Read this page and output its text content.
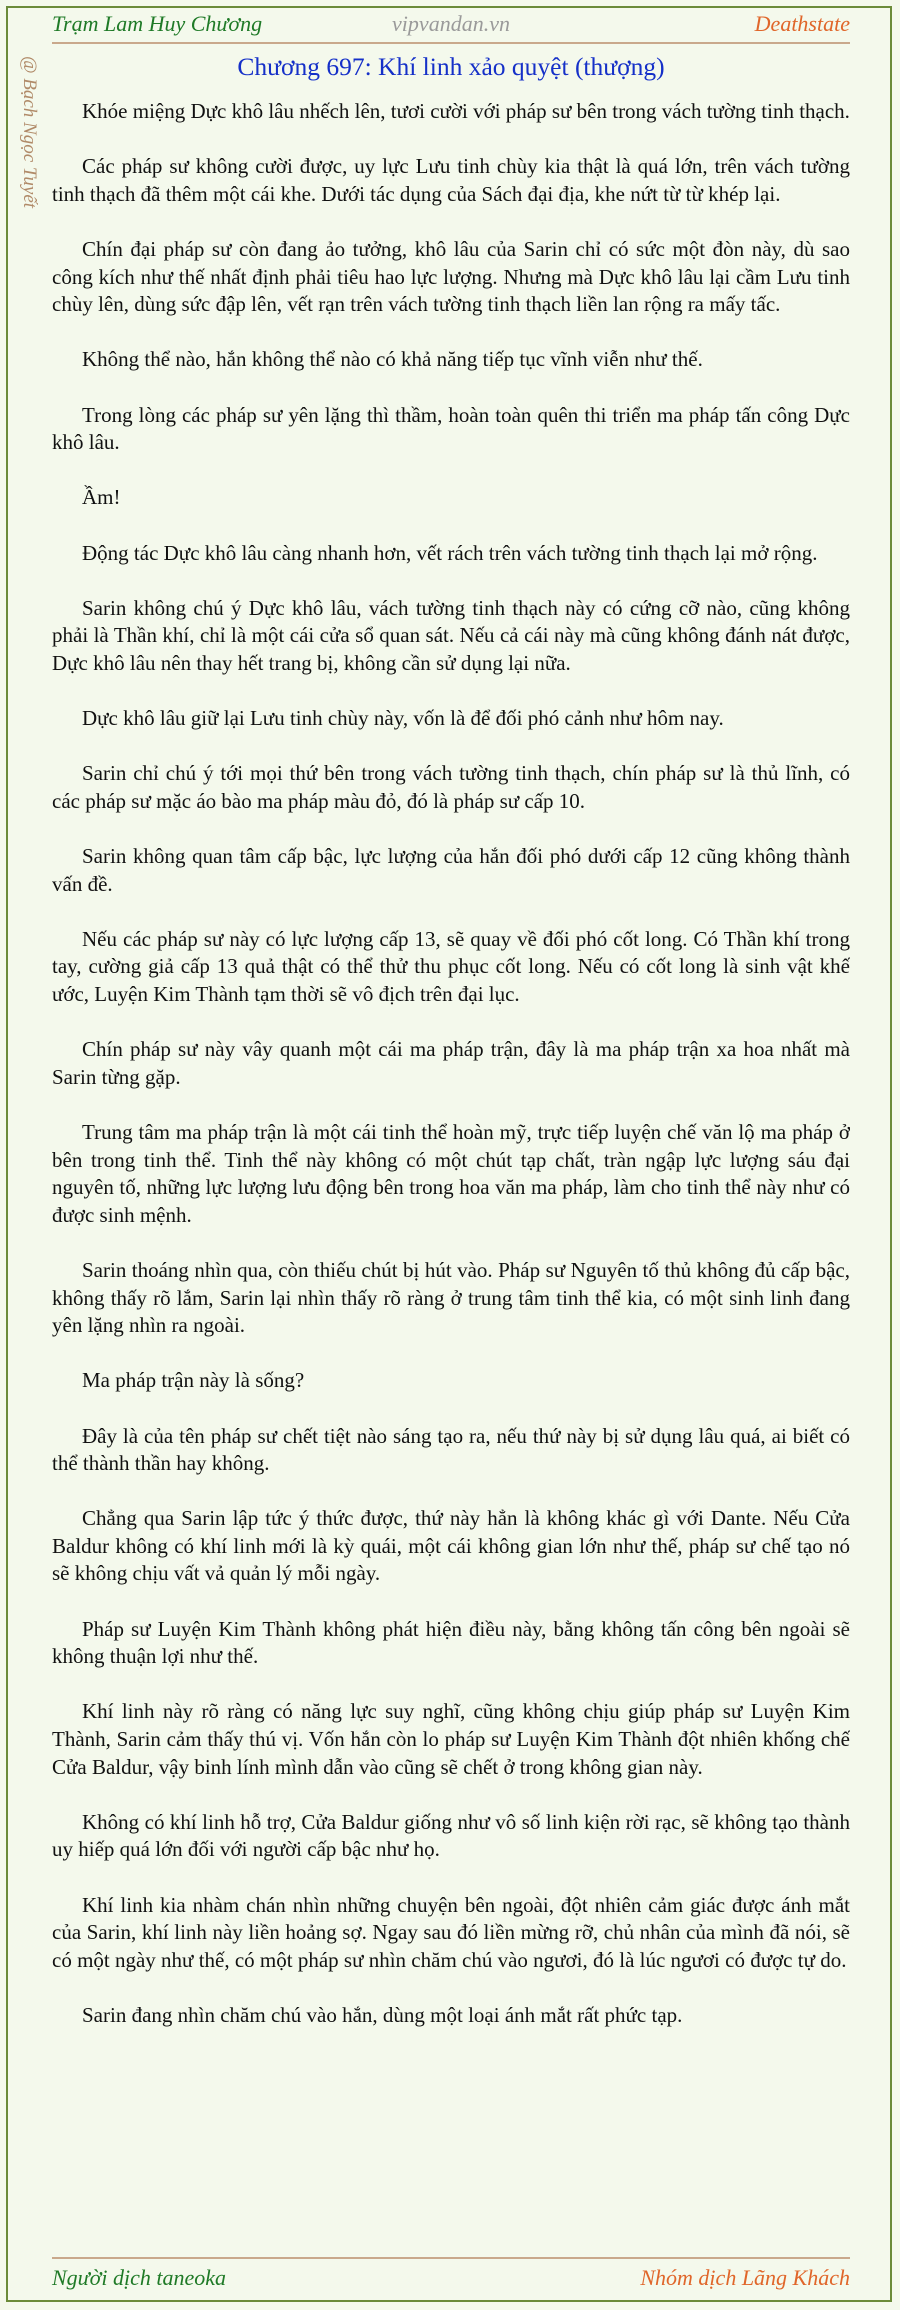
vipvandan.vn
Trạm Lam Huy Chương	Deathstate
@ Bạch Ngọc Tuyết	Chương 697: Khí linh xảo quyệt (thượng)

Khóe miệng Dực khô lâu nhếch lên, tươi cười với pháp sư bên trong vách tường tinh thạch.

Các pháp sư không cười được, uy lực Lưu tinh chùy kia thật là quá lớn, trên vách tường tinh thạch đã thêm một cái khe. Dưới tác dụng của Sách đại địa, khe nứt từ từ khép lại.

Chín đại pháp sư còn đang ảo tưởng, khô lâu của Sarin chỉ có sức một đòn này, dù sao công kích như thế nhất định phải tiêu hao lực lượng. Nhưng mà Dực khô lâu lại cầm Lưu tinh chùy lên, dùng sức đập lên, vết rạn trên vách tường tinh thạch liền lan rộng ra mấy tấc.

Không thể nào, hắn không thể nào có khả năng tiếp tục vĩnh viễn như thế.

Trong lòng các pháp sư yên lặng thì thầm, hoàn toàn quên thi triển ma pháp tấn công Dực khô lâu.

Ầm!

Động tác Dực khô lâu càng nhanh hơn, vết rách trên vách tường tinh thạch lại mở rộng.

Sarin không chú ý Dực khô lâu, vách tường tinh thạch này có cứng cỡ nào, cũng không phải là Thần khí, chỉ là một cái cửa sổ quan sát. Nếu cả cái này mà cũng không đánh nát được, Dực khô lâu nên thay hết trang bị, không cần sử dụng lại nữa.

Dực khô lâu giữ lại Lưu tinh chùy này, vốn là để đối phó cảnh như hôm nay.

Sarin chỉ chú ý tới mọi thứ bên trong vách tường tinh thạch, chín pháp sư là thủ lĩnh, có các pháp sư mặc áo bào ma pháp màu đỏ, đó là pháp sư cấp 10.

Sarin không quan tâm cấp bậc, lực lượng của hắn đối phó dưới cấp 12 cũng không thành vấn đề.

Nếu các pháp sư này có lực lượng cấp 13, sẽ quay về đối phó cốt long. Có Thần khí trong tay, cường giả cấp 13 quả thật có thể thử thu phục cốt long. Nếu có cốt long là sinh vật khế ước, Luyện Kim Thành tạm thời sẽ vô địch trên đại lục.

Chín pháp sư này vây quanh một cái ma pháp trận, đây là ma pháp trận xa hoa nhất mà Sarin từng gặp.

Trung tâm ma pháp trận là một cái tinh thể hoàn mỹ, trực tiếp luyện chế văn lộ ma pháp ở bên trong tinh thể. Tinh thể này không có một chút tạp chất, tràn ngập lực lượng sáu đại nguyên tố, những lực lượng lưu động bên trong hoa văn ma pháp, làm cho tinh thể này như có được sinh mệnh.

Sarin thoáng nhìn qua, còn thiếu chút bị hút vào. Pháp sư Nguyên tố thủ không đủ cấp bậc, không thấy rõ lắm, Sarin lại nhìn thấy rõ ràng ở trung tâm tinh thể kia, có một sinh linh đang yên lặng nhìn ra ngoài.

Ma pháp trận này là sống?

Đây là của tên pháp sư chết tiệt nào sáng tạo ra, nếu thứ này bị sử dụng lâu quá, ai biết có thể thành thần hay không.

Chẳng qua Sarin lập tức ý thức được, thứ này hẳn là không khác gì với Dante. Nếu Cửa Baldur không có khí linh mới là kỳ quái, một cái không gian lớn như thế, pháp sư chế tạo nó sẽ không chịu vất vả quản lý mỗi ngày.

Pháp sư Luyện Kim Thành không phát hiện điều này, bằng không tấn công bên ngoài sẽ không thuận lợi như thế.

Khí linh này rõ ràng có năng lực suy nghĩ, cũng không chịu giúp pháp sư Luyện Kim Thành, Sarin cảm thấy thú vị. Vốn hắn còn lo pháp sư Luyện Kim Thành đột nhiên khống chế Cửa Baldur, vậy binh lính mình dẫn vào cũng sẽ chết ở trong không gian này.

Không có khí linh hỗ trợ, Cửa Baldur giống như vô số linh kiện rời rạc, sẽ không tạo thành uy hiếp quá lớn đối với người cấp bậc như họ.

Khí linh kia nhàm chán nhìn những chuyện bên ngoài, đột nhiên cảm giác được ánh mắt của Sarin, khí linh này liền hoảng sợ. Ngay sau đó liền mừng rỡ, chủ nhân của mình đã nói, sẽ có một ngày như thế, có một pháp sư nhìn chăm chú vào ngươi, đó là lúc ngươi có được tự do.

Sarin đang nhìn chăm chú vào hắn, dùng một loại ánh mắt rất phức tạp.

Người dịch taneoka	Nhóm dịch Lãng Khách
